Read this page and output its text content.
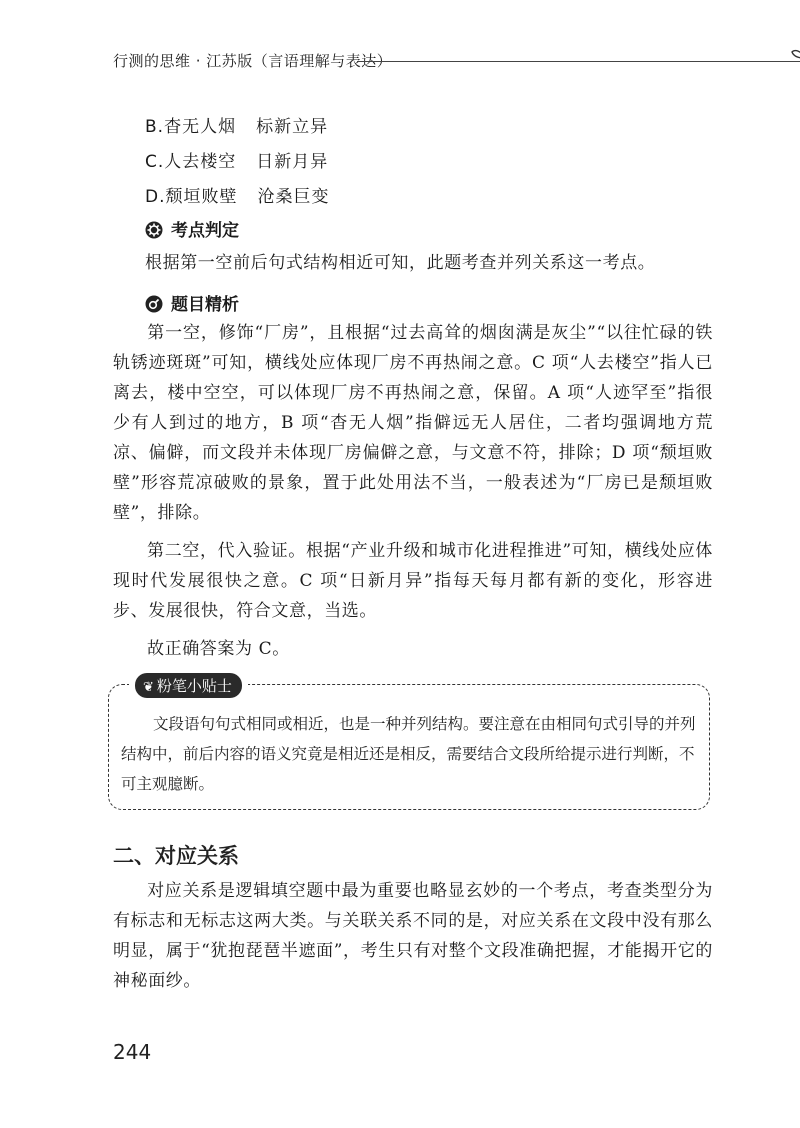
行测的思维 · 江苏版（言语理解与表达）
B.杳无人烟 标新立异
C.人去楼空 日新月异
D.颓垣败壁 沧桑巨变
考点判定
根据第一空前后句式结构相近可知，此题考查并列关系这一考点。
题目精析
第一空，修饰“厂房”，且根据“过去高耸的烟囱满是灰尘”“以往忙碌的铁轨锈迹斑斑”可知，横线处应体现厂房不再热闹之意。C 项“人去楼空”指人已离去，楼中空空，可以体现厂房不再热闹之意，保留。A 项“人迹罕至”指很少有人到过的地方，B 项“杳无人烟”指僻远无人居住，二者均强调地方荒凉、偏僻，而文段并未体现厂房偏僻之意，与文意不符，排除；D 项“颓垣败壁”形容荒凉破败的景象，置于此处用法不当，一般表述为“厂房已是颓垣败壁”，排除。
第二空，代入验证。根据“产业升级和城市化进程推进”可知，横线处应体现时代发展很快之意。C 项“日新月异”指每天每月都有新的变化，形容进步、发展很快，符合文意，当选。
故正确答案为 C。
❦ 粉笔小贴士
文段语句句式相同或相近，也是一种并列结构。要注意在由相同句式引导的并列结构中，前后内容的语义究竟是相近还是相反，需要结合文段所给提示进行判断，不可主观臆断。
二、对应关系
对应关系是逻辑填空题中最为重要也略显玄妙的一个考点，考查类型分为有标志和无标志这两大类。与关联关系不同的是，对应关系在文段中没有那么明显，属于“犹抱琵琶半遮面”，考生只有对整个文段准确把握，才能揭开它的神秘面纱。
244
